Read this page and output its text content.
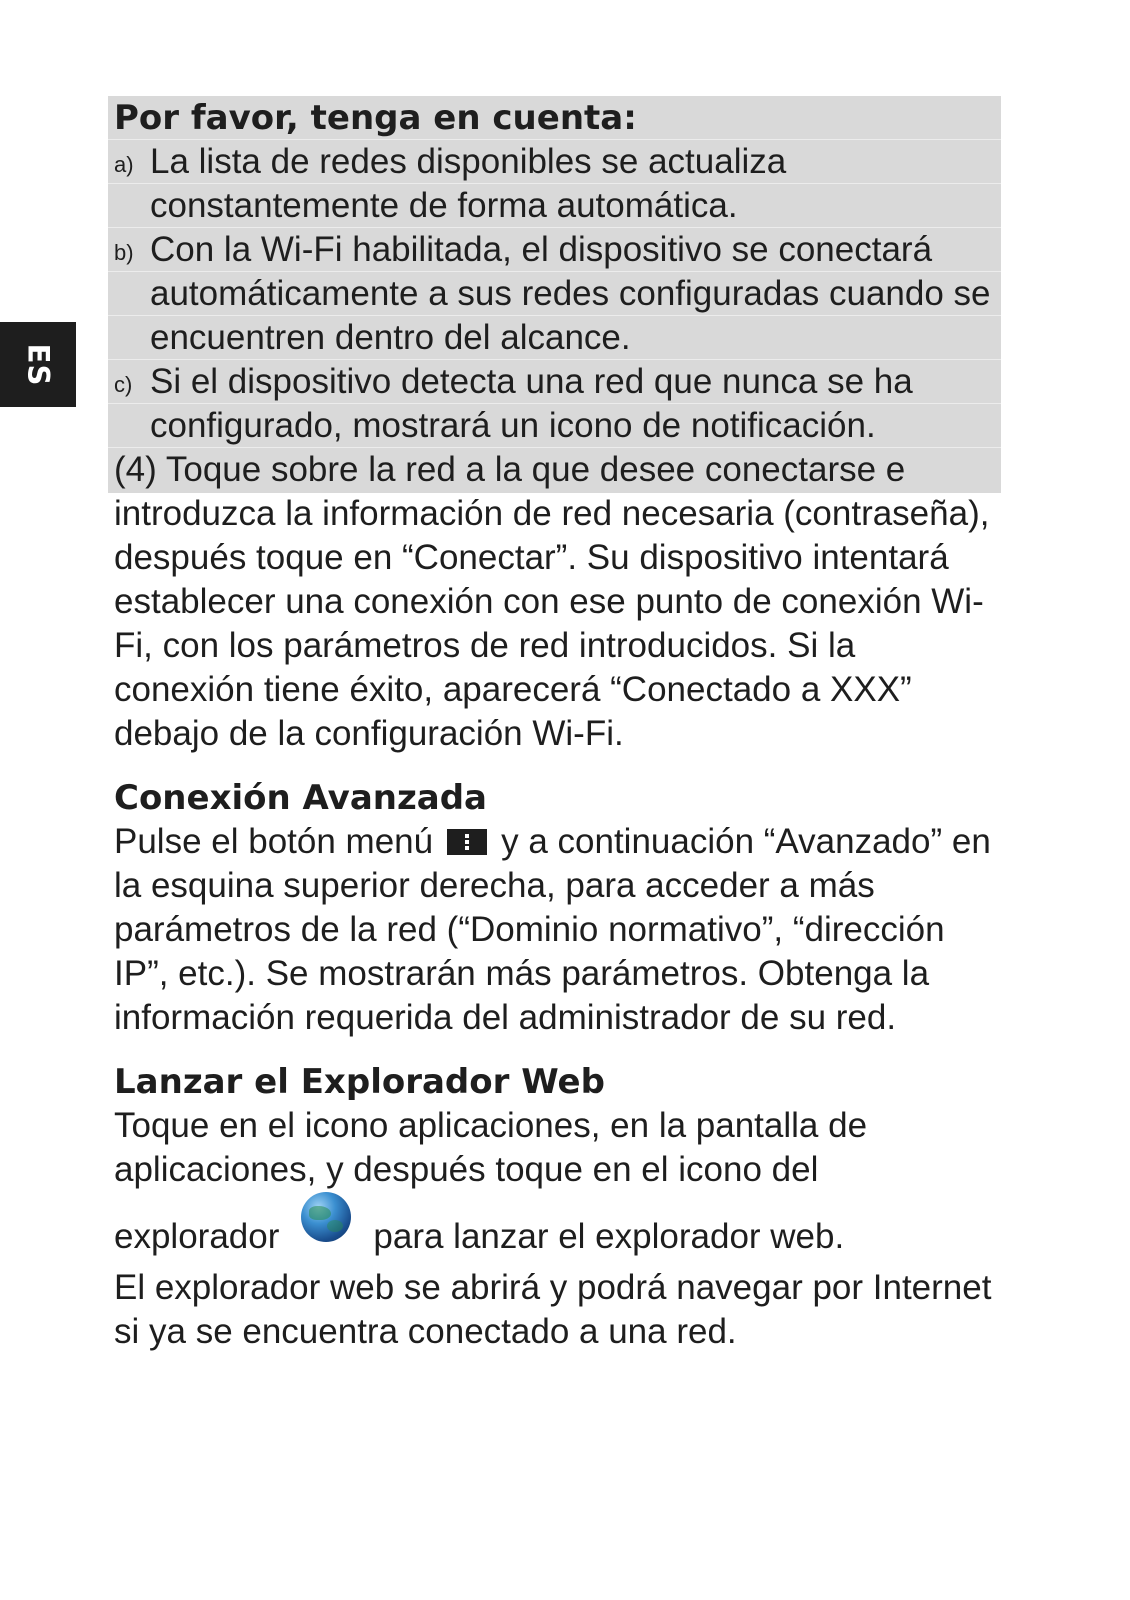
ES
Por favor, tenga en cuenta:
a) La lista de redes disponibles se actualiza constantemente de forma automática.
b) Con la Wi-Fi habilitada, el dispositivo se conectará automáticamente a sus redes configuradas cuando se encuentren dentro del alcance.
c) Si el dispositivo detecta una red que nunca se ha configurado, mostrará un icono de notificación.

(4) Toque sobre la red a la que desee conectarse e introduzca la información de red necesaria (contraseña), después toque en “Conectar”. Su dispositivo intentará establecer una conexión con ese punto de conexión Wi-Fi, con los parámetros de red introducidos. Si la conexión tiene éxito, aparecerá “Conectado a XXX” debajo de la configuración Wi-Fi.

Conexión Avanzada

Pulse el botón menú y a continuación “Avanzado” en la esquina superior derecha, para acceder a más parámetros de la red (“Dominio normativo”, “dirección IP”, etc.). Se mostrarán más parámetros. Obtenga la información requerida del administrador de su red.

Lanzar el Explorador Web

Toque en el icono aplicaciones, en la pantalla de aplicaciones, y después toque en el icono del

explorador	para lanzar el explorador web.

El explorador web se abrirá y podrá navegar por Internet si ya se encuentra conectado a una red.
